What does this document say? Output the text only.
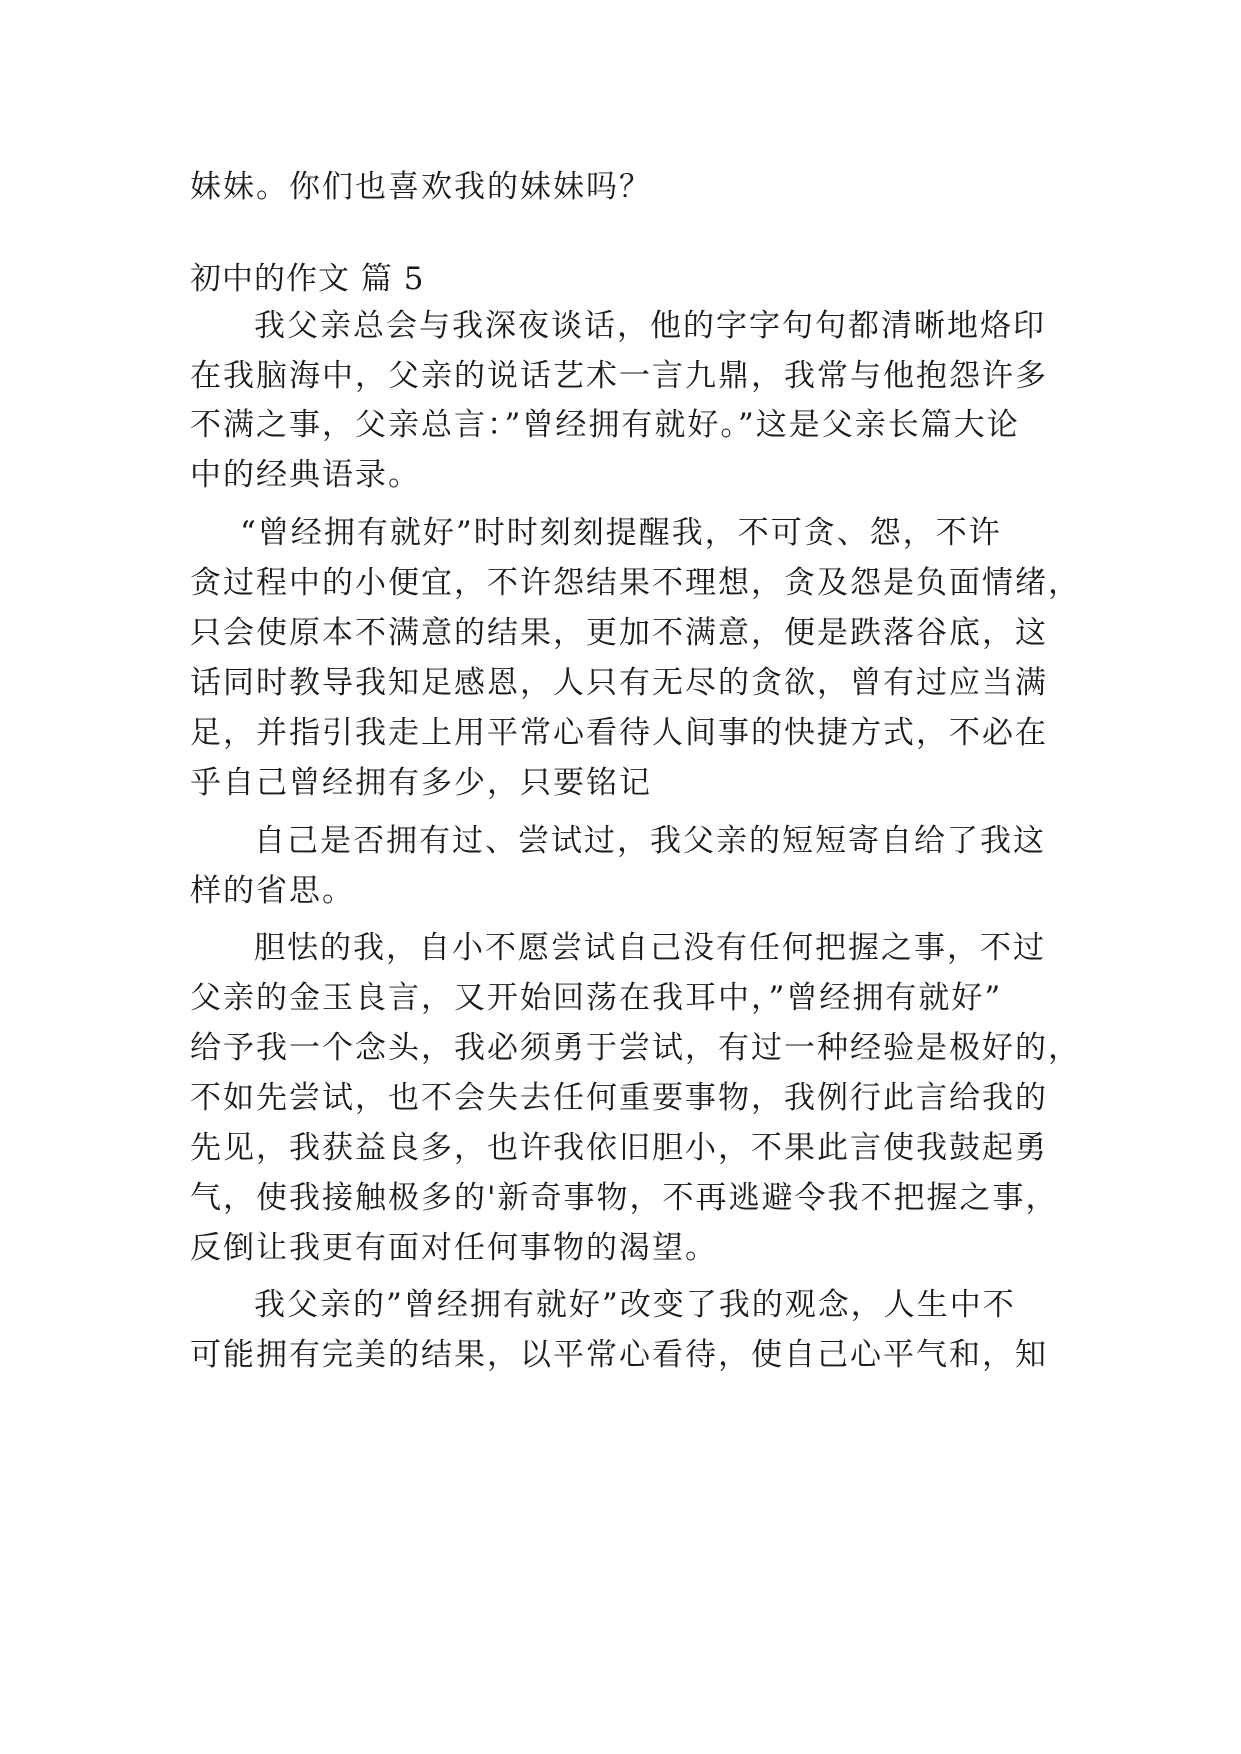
妹妹。你们也喜欢我的妹妹吗？
初中的作文 篇 5
我父亲总会与我深夜谈话，他的字字句句都清晰地烙印
在我脑海中，父亲的说话艺术一言九鼎，我常与他抱怨许多
不满之事，父亲总言：”曾经拥有就好。”这是父亲长篇大论
中的经典语录。
“曾经拥有就好”时时刻刻提醒我，不可贪、怨，不许
贪过程中的小便宜，不许怨结果不理想，贪及怨是负面情绪，
只会使原本不满意的结果，更加不满意，便是跌落谷底，这
话同时教导我知足感恩，人只有无尽的贪欲，曾有过应当满
足，并指引我走上用平常心看待人间事的快捷方式，不必在
乎自己曾经拥有多少，只要铭记
自己是否拥有过、尝试过，我父亲的短短寄自给了我这
样的省思。
胆怯的我，自小不愿尝试自己没有任何把握之事，不过
父亲的金玉良言，又开始回荡在我耳中，”曾经拥有就好”
给予我一个念头，我必须勇于尝试，有过一种经验是极好的，
不如先尝试，也不会失去任何重要事物，我例行此言给我的
先见，我获益良多，也许我依旧胆小，不果此言使我鼓起勇
气，使我接触极多的'新奇事物，不再逃避令我不把握之事，
反倒让我更有面对任何事物的渴望。
我父亲的”曾经拥有就好”改变了我的观念，人生中不
可能拥有完美的结果，以平常心看待，使自己心平气和，知
